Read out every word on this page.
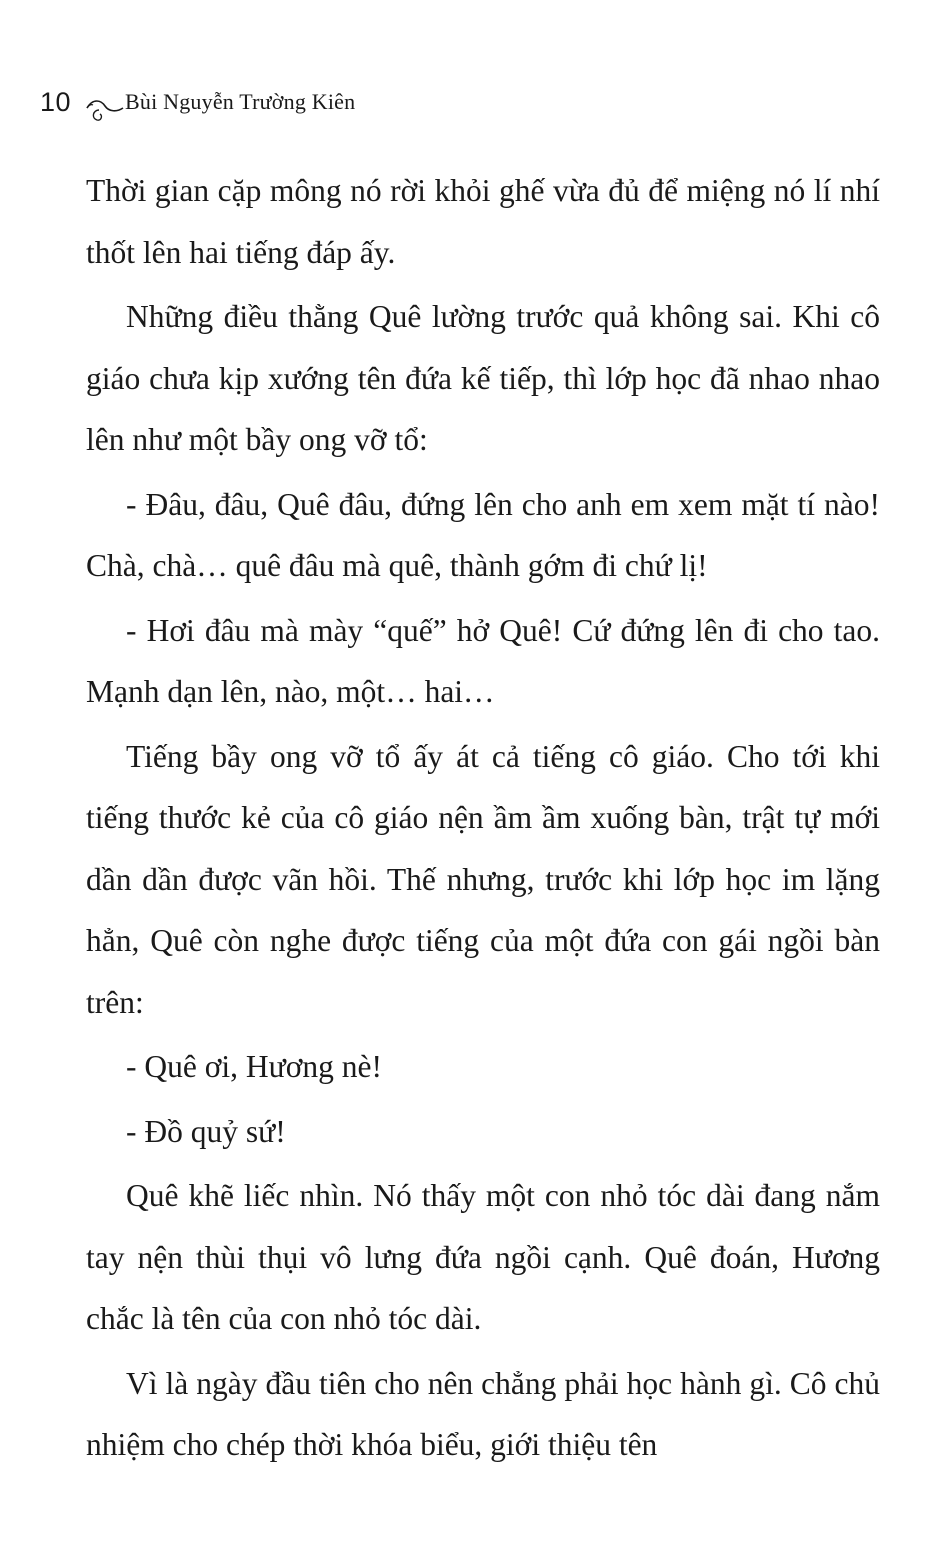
10 Bùi Nguyễn Trường Kiên

Thời gian cặp mông nó rời khỏi ghế vừa đủ để miệng nó lí nhí thốt lên hai tiếng đáp ấy.

Những điều thằng Quê lường trước quả không sai. Khi cô giáo chưa kịp xướng tên đứa kế tiếp, thì lớp học đã nhao nhao lên như một bầy ong vỡ tổ:

- Đâu, đâu, Quê đâu, đứng lên cho anh em xem mặt tí nào! Chà, chà… quê đâu mà quê, thành gớm đi chứ lị!

- Hơi đâu mà mày “quế” hở Quê! Cứ đứng lên đi cho tao. Mạnh dạn lên, nào, một… hai…

Tiếng bầy ong vỡ tổ ấy át cả tiếng cô giáo. Cho tới khi tiếng thước kẻ của cô giáo nện ầm ầm xuống bàn, trật tự mới dần dần được vãn hồi. Thế nhưng, trước khi lớp học im lặng hẳn, Quê còn nghe được tiếng của một đứa con gái ngồi bàn trên:

- Quê ơi, Hương nè!

- Đồ quỷ sứ!

Quê khẽ liếc nhìn. Nó thấy một con nhỏ tóc dài đang nắm tay nện thùi thụi vô lưng đứa ngồi cạnh. Quê đoán, Hương chắc là tên của con nhỏ tóc dài.

Vì là ngày đầu tiên cho nên chẳng phải học hành gì. Cô chủ nhiệm cho chép thời khóa biểu, giới thiệu tên
